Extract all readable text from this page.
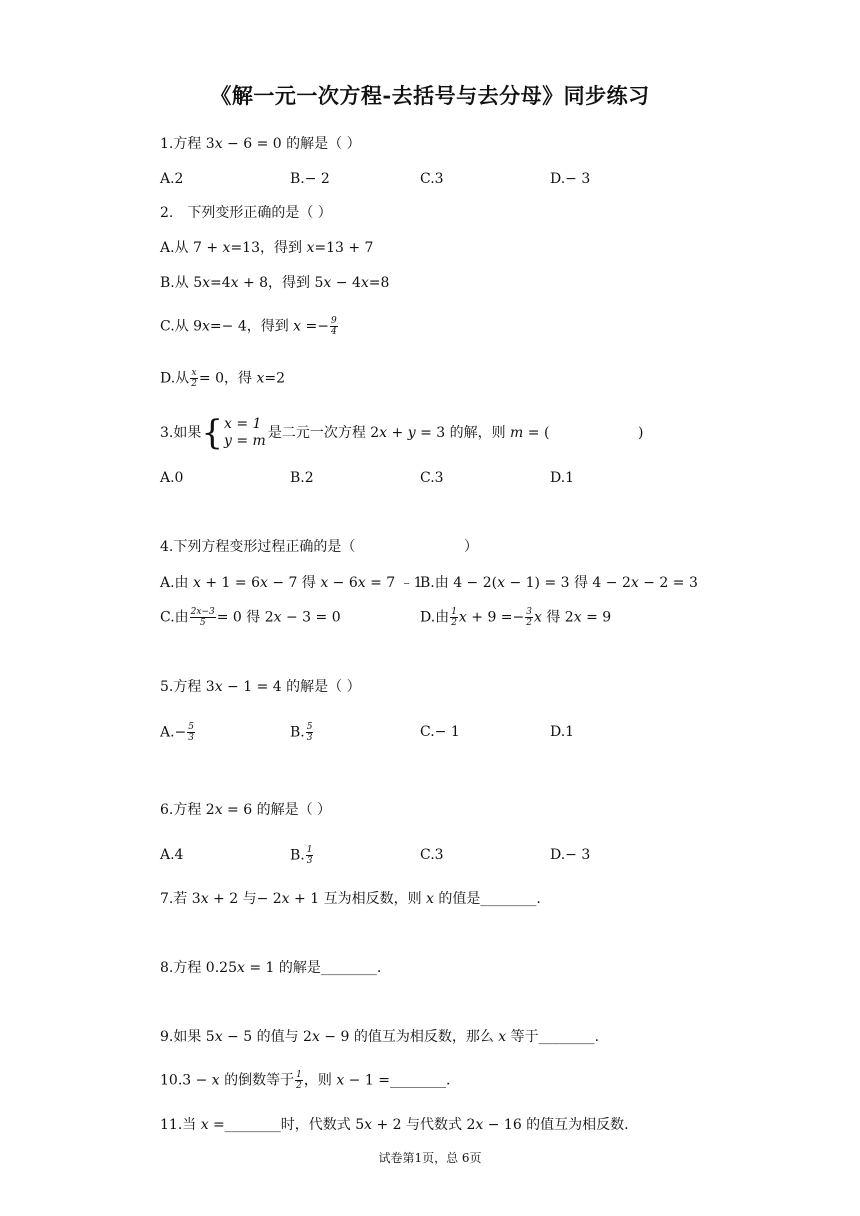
《解一元一次方程-去括号与去分母》同步练习
1.方程 3𝑥 − 6 = 0 的解是（ ）
A.2	B.− 2	C.3	D.− 3
2.　下列变形正确的是（ ）
A.从 7 + 𝑥=13，得到 𝑥=13 + 7
B.从 5𝑥=4𝑥 + 8，得到 5𝑥 − 4𝑥=8
C.从 9𝑥=− 4，得到 𝑥 =− $\frac{9}{4}$
D.从 $\frac{\text{𝑥}}{2} = 0$，得 𝑥=2
3.如果{ 𝑥 = 1
𝑦 = 𝑚 是二元一次方程 2𝑥 + 𝑦 = 3 的解，则 𝑚 = (	)
A.0	B.2	C.3	D.1
4.下列方程变形过程正确的是（	）
A.由 𝑥 + 1 = 6𝑥 − 7 得 𝑥 − 6𝑥 = 7 ﹣1
B.由 4 − 2(𝑥 − 1) = 3 得 4 − 2𝑥 − 2 = 3
C.由 $\frac{\text{2𝑥−3}}{5} = 0$ 得 2𝑥 − 3 = 0	D.由 $\frac{1}{2}$ 𝑥 + $9 =- \frac{3}{2}$ 𝑥 得 2𝑥 = 9
5.方程 3𝑥 − 1 = 4 的解是（ ）
$A.- \frac{5}{3}$	B. $\frac{5}{3}$	C.− 1	D.1
6.方程 2𝑥 = 6 的解是（ ）
A.4	B. $\frac{1}{3}$	C.3	D.− 3
7.若 3𝑥 + 2 与− 2𝑥 + 1 互为相反数，则 𝑥 的值是________.
8.方程 0.25𝑥 = 1 的解是________.
9.如果 5𝑥 − 5 的值与 2𝑥 − 9 的值互为相反数，那么 𝑥 等于________.
10.3 − 𝑥 的倒数等于 $\frac{1}{2}$ ，则 𝑥 − 1 =________.
11.当 𝑥 =________时，代数式 5𝑥 + 2 与代数式 2𝑥 − 16 的值互为相反数.
试卷第1页，总 6页
